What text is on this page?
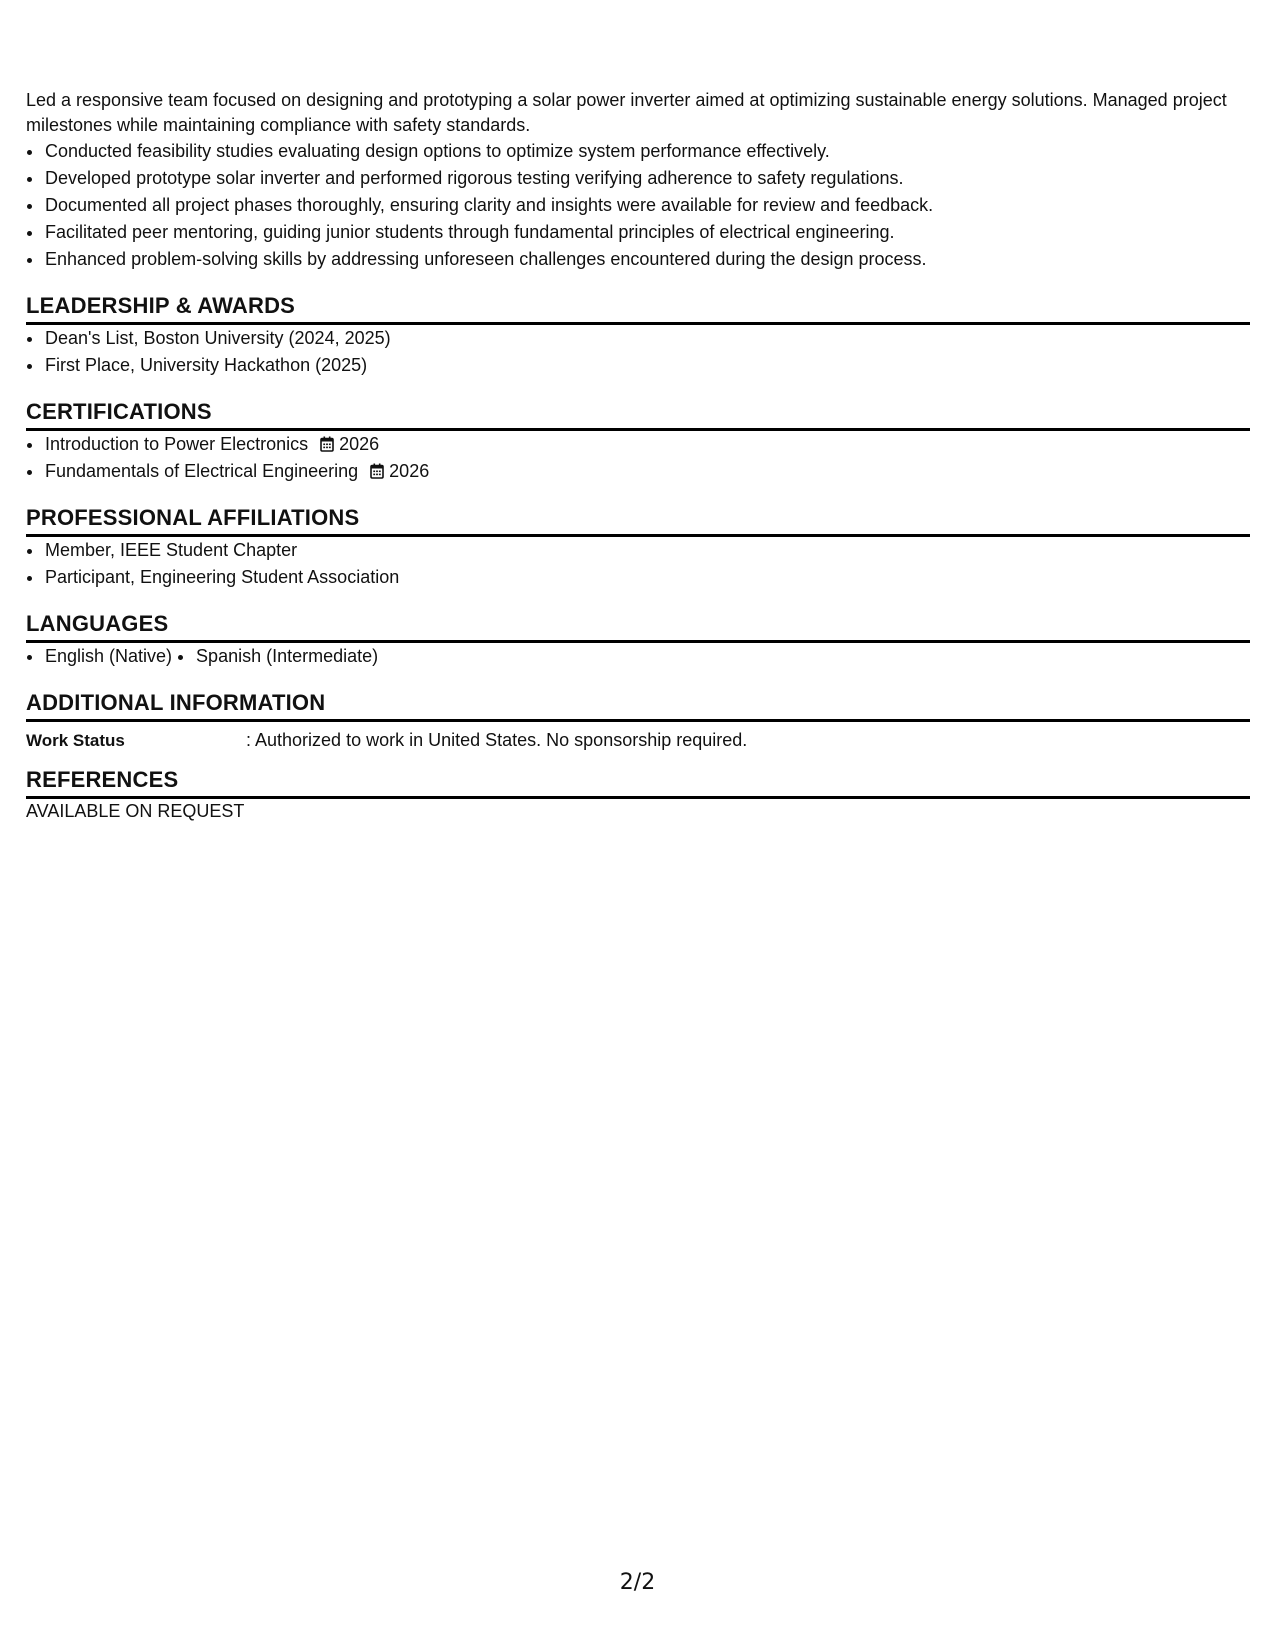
Led a responsive team focused on designing and prototyping a solar power inverter aimed at optimizing sustainable energy solutions. Managed project milestones while maintaining compliance with safety standards.

Conducted feasibility studies evaluating design options to optimize system performance effectively.
Developed prototype solar inverter and performed rigorous testing verifying adherence to safety regulations.
Documented all project phases thoroughly, ensuring clarity and insights were available for review and feedback.
Facilitated peer mentoring, guiding junior students through fundamental principles of electrical engineering.
Enhanced problem-solving skills by addressing unforeseen challenges encountered during the design process.
LEADERSHIP & AWARDS
Dean's List, Boston University (2024, 2025)
First Place, University Hackathon (2025)
CERTIFICATIONS
Introduction to Power Electronics 2026
Fundamentals of Electrical Engineering 2026
PROFESSIONAL AFFILIATIONS
Member, IEEE Student Chapter
Participant, Engineering Student Association
LANGUAGES
English (Native) Spanish (Intermediate)
ADDITIONAL INFORMATION
Work Status	: Authorized to work in United States. No sponsorship required.
REFERENCES

AVAILABLE ON REQUEST

2/2
